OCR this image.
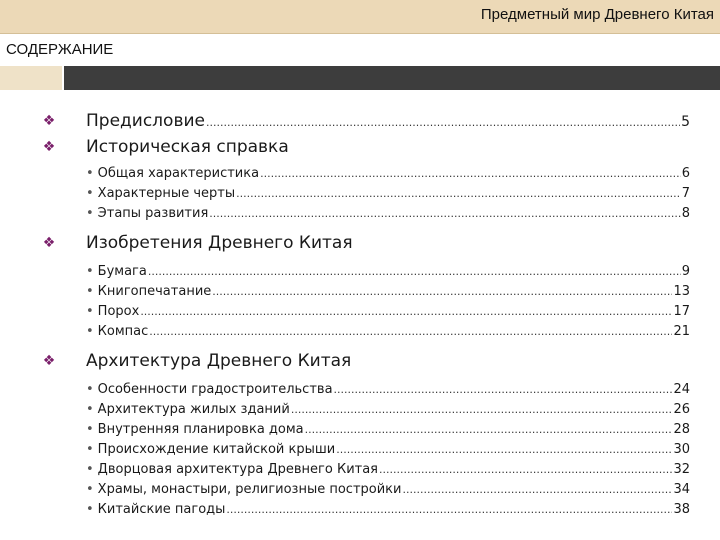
Предметный мир Древнего Китая
СОДЕРЖАНИЕ
❖ Предисловие .....	5
❖ Историческая справка
• Общая характеристика .....	6
• Характерные черты .....	7
• Этапы развития .....	8
❖ Изобретения Древнего Китая
• Бумага .....	9
• Книгопечатание .....	13
• Порох .....	17
• Компас .....	21
❖ Архитектура Древнего Китая
• Особенности градостроительства .....	24
• Архитектура жилых зданий .....	26
• Внутренняя планировка дома .....	28
• Происхождение китайской крыши .....	30
• Дворцовая архитектура Древнего Китая .....	32
• Храмы, монастыри, религиозные постройки .....	34
• Китайские пагоды .....	38
